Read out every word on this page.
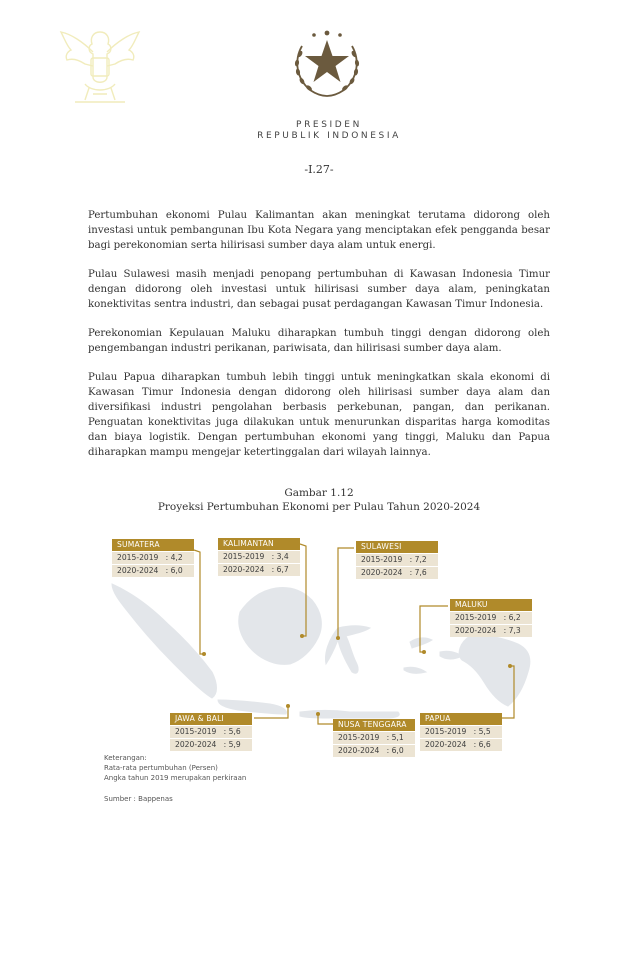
PRESIDEN
REPUBLIK INDONESIA
-I.27-

Pertumbuhan ekonomi Pulau Kalimantan akan meningkat terutama didorong oleh investasi untuk pembangunan Ibu Kota Negara yang menciptakan efek pengganda besar bagi perekonomian serta hilirisasi sumber daya alam untuk energi.

Pulau Sulawesi masih menjadi penopang pertumbuhan di Kawasan Indonesia Timur dengan didorong oleh investasi untuk hilirisasi sumber daya alam, peningkatan konektivitas sentra industri, dan sebagai pusat perdagangan Kawasan Timur Indonesia.

Perekonomian Kepulauan Maluku diharapkan tumbuh tinggi dengan didorong oleh pengembangan industri perikanan, pariwisata, dan hilirisasi sumber daya alam.

Pulau Papua diharapkan tumbuh lebih tinggi untuk meningkatkan skala ekonomi di Kawasan Timur Indonesia dengan didorong oleh hilirisasi sumber daya alam dan diversifikasi industri pengolahan berbasis perkebunan, pangan, dan perikanan. Penguatan konektivitas juga dilakukan untuk menurunkan disparitas harga komoditas dan biaya logistik. Dengan pertumbuhan ekonomi yang tinggi, Maluku dan Papua diharapkan mampu mengejar ketertinggalan dari wilayah lainnya.

Gambar 1.12
Proyeksi Pertumbuhan Ekonomi per Pulau Tahun 2020-2024
SUMATERA
2015-2019   : 4,2
2020-2024   : 6,0
KALIMANTAN
2015-2019   : 3,4
2020-2024   : 6,7
SULAWESI
2015-2019   : 7,2
2020-2024   : 7,6
MALUKU
2015-2019   : 6,2
2020-2024   : 7,3
JAWA & BALI
2015-2019   : 5,6
2020-2024   : 5,9
NUSA TENGGARA
2015-2019   : 5,1
2020-2024   : 6,0
PAPUA
2015-2019   : 5,5
2020-2024   : 6,6
Keterangan:
Rata-rata pertumbuhan (Persen)
Angka tahun 2019 merupakan perkiraan
Sumber : Bappenas
